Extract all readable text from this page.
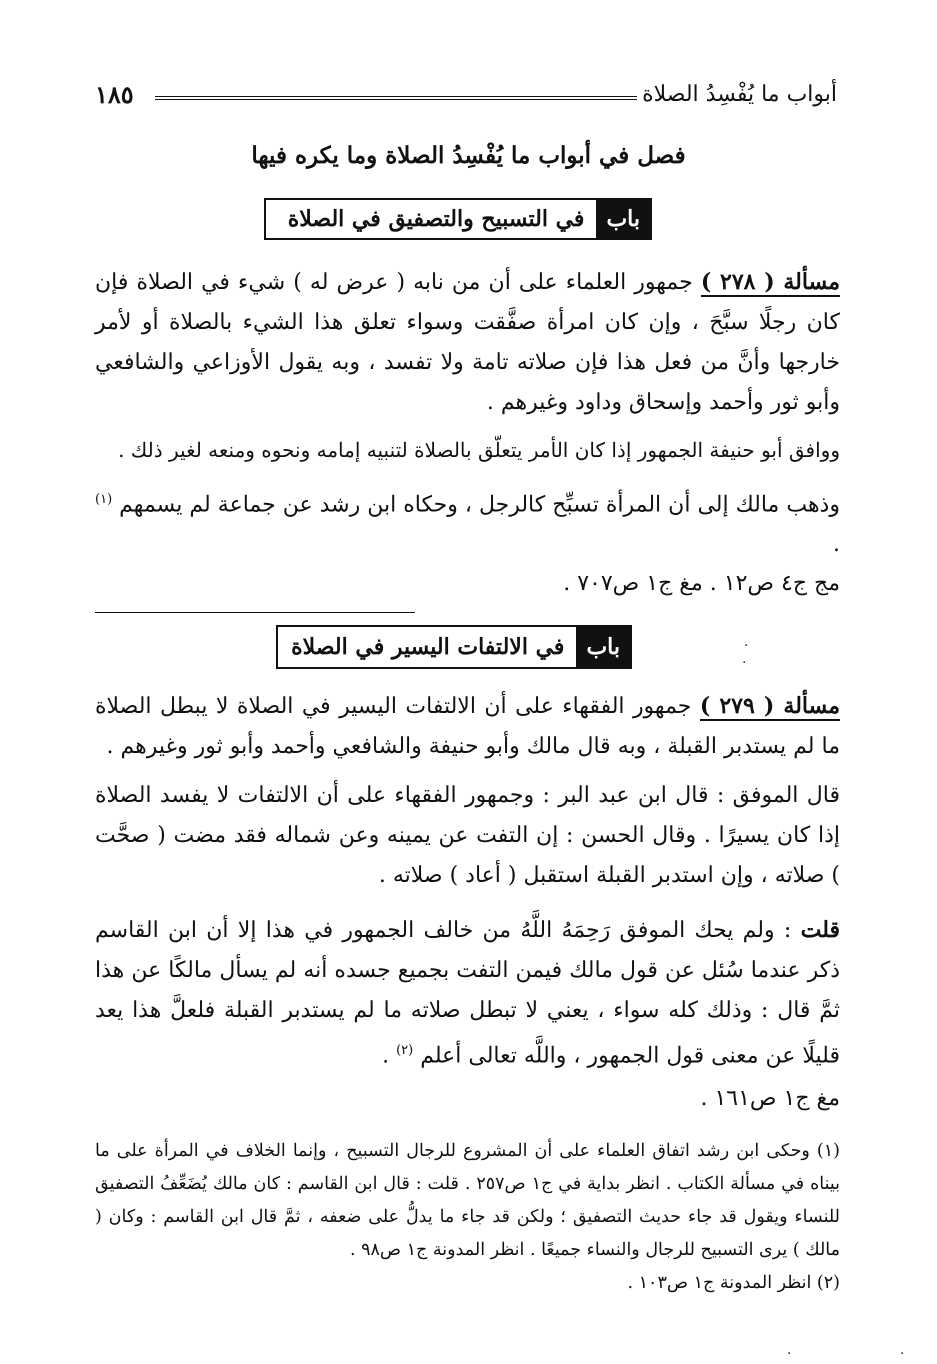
أبواب ما يُفْسِدُ الصلاة
١٨٥
فصل في أبواب ما يُفْسِدُ الصلاة وما يكره فيها
باب
في التسبيح والتصفيق في الصلاة
مسألة ( ٢٧٨ ) جمهور العلماء على أن من نابه ( عرض له ) شيء في الصلاة فإن كان رجلًا سبَّحَ ، وإن كان امرأة صفَّقت وسواء تعلق هذا الشيء بالصلاة أو لأمر خارجها وأنَّ من فعل هذا فإن صلاته تامة ولا تفسد ، وبه يقول الأوزاعي والشافعي وأبو ثور وأحمد وإسحاق وداود وغيرهم .
ووافق أبو حنيفة الجمهور إذا كان الأمر يتعلّق بالصلاة لتنبيه إمامه ونحوه ومنعه لغير ذلك .
وذهب مالك إلى أن المرأة تسبِّح كالرجل ، وحكاه ابن رشد عن جماعة لم يسمهم $^{(١)}$ .
مج ج٤ ص١٢ . مغ ج١ ص٧٠٧ .
باب
في الالتفات اليسير في الصلاة
مسألة ( ٢٧٩ ) جمهور الفقهاء على أن الالتفات اليسير في الصلاة لا يبطل الصلاة ما لم يستدبر القبلة ، وبه قال مالك وأبو حنيفة والشافعي وأحمد وأبو ثور وغيرهم .
قال الموفق : قال ابن عبد البر : وجمهور الفقهاء على أن الالتفات لا يفسد الصلاة إذا كان يسيرًا . وقال الحسن : إن التفت عن يمينه وعن شماله فقد مضت ( صحَّت ) صلاته ، وإن استدبر القبلة استقبل ( أعاد ) صلاته .
قلت : ولم يحك الموفق رَحِمَهُ اللَّهُ من خالف الجمهور في هذا إلا أن ابن القاسم ذكر عندما سُئل عن قول مالك فيمن التفت بجميع جسده أنه لم يسأل مالكًا عن هذا ثمَّ قال : وذلك كله سواء ، يعني لا تبطل صلاته ما لم يستدبر القبلة فلعلَّ هذا يعد قليلًا عن معنى قول الجمهور ، واللَّه تعالى أعلم $^{(٢)}$ .
مغ ج١ ص١٦١ .
(١) وحكى ابن رشد اتفاق العلماء على أن المشروع للرجال التسبيح ، وإنما الخلاف في المرأة على ما بيناه في مسألة الكتاب . انظر بداية في ج١ ص٢٥٧ . قلت : قال ابن القاسم : كان مالك يُضَعِّفُ التصفيق للنساء ويقول قد جاء حديث التصفيق ؛ ولكن قد جاء ما يدلُّ على ضعفه ، ثمَّ قال ابن القاسم : وكان ( مالك ) يرى التسبيح للرجال والنساء جميعًا . انظر المدونة ج١ ص٩٨ .
(٢) انظر المدونة ج١ ص١٠٣ .
·
·
·	·
